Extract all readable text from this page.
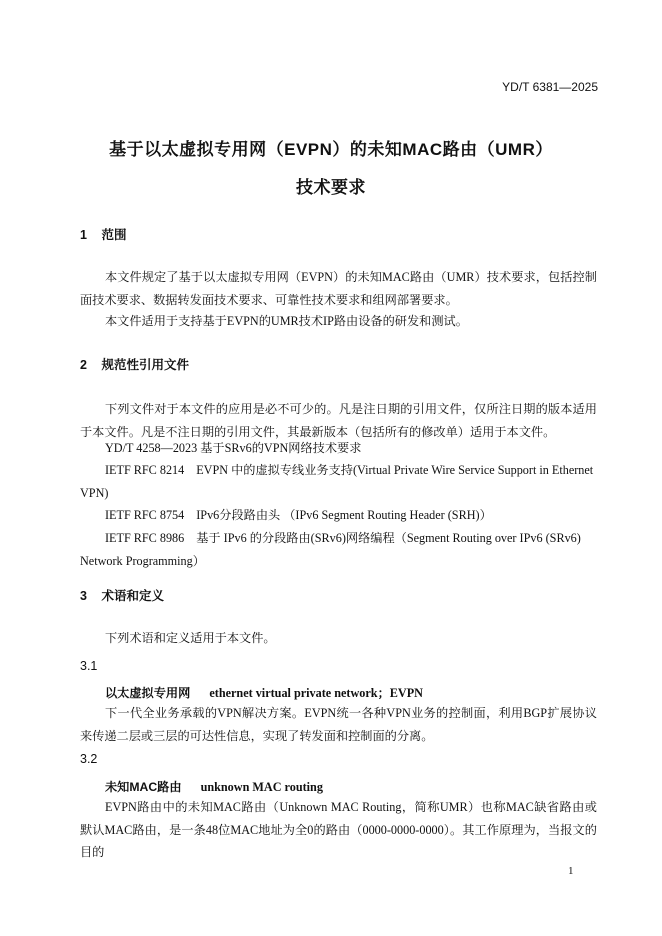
YD/T 6381—2025
基于以太虚拟专用网（EVPN）的未知MAC路由（UMR）
技术要求
1 范围
本文件规定了基于以太虚拟专用网（EVPN）的未知MAC路由（UMR）技术要求，包括控制面技术要求、数据转发面技术要求、可靠性技术要求和组网部署要求。
本文件适用于支持基于EVPN的UMR技术IP路由设备的研发和测试。
2 规范性引用文件
下列文件对于本文件的应用是必不可少的。凡是注日期的引用文件，仅所注日期的版本适用于本文件。凡是不注日期的引用文件，其最新版本（包括所有的修改单）适用于本文件。
YD/T 4258—2023 基于SRv6的VPN网络技术要求
IETF RFC 8214 EVPN 中的虚拟专线业务支持(Virtual Private Wire Service Support in Ethernet VPN)
IETF RFC 8754 IPv6分段路由头 （IPv6 Segment Routing Header (SRH)）
IETF RFC 8986 基于 IPv6 的分段路由(SRv6)网络编程（Segment Routing over IPv6 (SRv6) Network Programming）
3 术语和定义
下列术语和定义适用于本文件。
3.1
以太虚拟专用网 ethernet virtual private network；EVPN
下一代全业务承载的VPN解决方案。EVPN统一各种VPN业务的控制面，利用BGP扩展协议来传递二层或三层的可达性信息，实现了转发面和控制面的分离。
3.2
未知MAC路由 unknown MAC routing
EVPN路由中的未知MAC路由（Unknown MAC Routing，简称UMR）也称MAC缺省路由或默认MAC路由，是一条48位MAC地址为全0的路由（0000-0000-0000）。其工作原理为，当报文的目的
1
